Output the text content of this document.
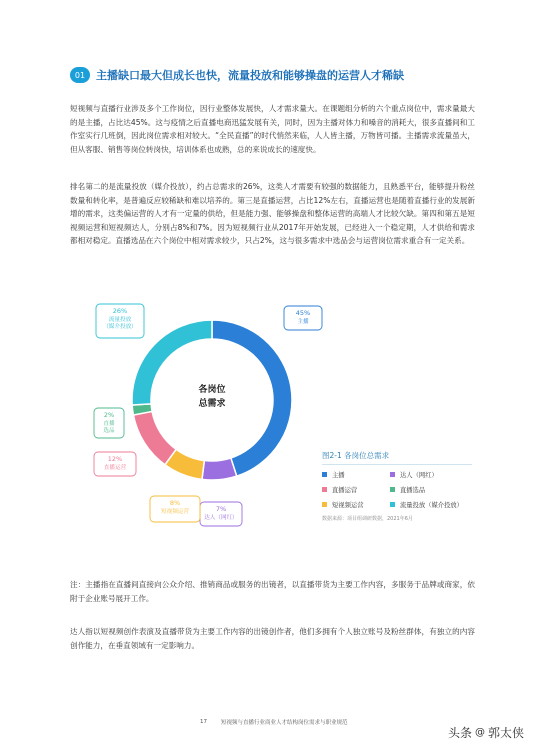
01 主播缺口最大但成长也快，流量投放和能够操盘的运营人才稀缺

短视频与直播行业涉及多个工作岗位，因行业整体发展快，人才需求量大。在课题组分析的六个重点岗位中，需求量最大的是主播，占比达45%。这与疫情之后直播电商迅猛发展有关，同时，因为主播对体力和嗓音的消耗大，很多直播间和工作室实行几班倒，因此岗位需求相对较大。“全民直播”的时代悄然来临，人人皆主播，万物皆可播。主播需求流量虽大，但从客服、销售等岗位转岗快，培训体系也成熟，总的来说成长的速度快。

排名第二的是流量投放（媒介投放），约占总需求的26%，这类人才需要有较强的数据能力，且熟悉平台，能够提升粉丝数量和转化率，是普遍反应较稀缺和难以培养的。第三是直播运营，占比12%左右，直播运营也是随着直播行业的发展新增的需求，这类偏运营的人才有一定量的供给，但是能力强、能够操盘和整体运营的高端人才比较欠缺。第四和第五是短视频运营和短视频达人，分别占8%和7%。因为短视频行业从2017年开始发展，已经进入一个稳定期，人才供给和需求都相对稳定。直播选品在六个岗位中相对需求较少，只占2%，这与很多需求中选品会与运营岗位需求重合有一定关系。

45%
主播
7%
达人（网红）
8%
短视频运营
12%
直播运营
2%
直播
选品
26%
流量投放
（媒介投放）
各岗位
总需求
图2-1 各岗位总需求
主播	达人（网红）
直播运营	直播选品
短视频运营	流量投放（媒介投放）
数据来源：项目组调研数据，2021年6月

注：主播指在直播间直接向公众介绍、推销商品或服务的出镜者，以直播带货为主要工作内容，多服务于品牌或商家，依附于企业账号展开工作。

达人指以短视频创作表演及直播带货为主要工作内容的出镜创作者，他们多拥有个人独立账号及粉丝群体，有独立的内容创作能力，在垂直领域有一定影响力。

17	短视频与直播行业商业人才结构岗位需求与职业规范
头条 @ 郭太侠
